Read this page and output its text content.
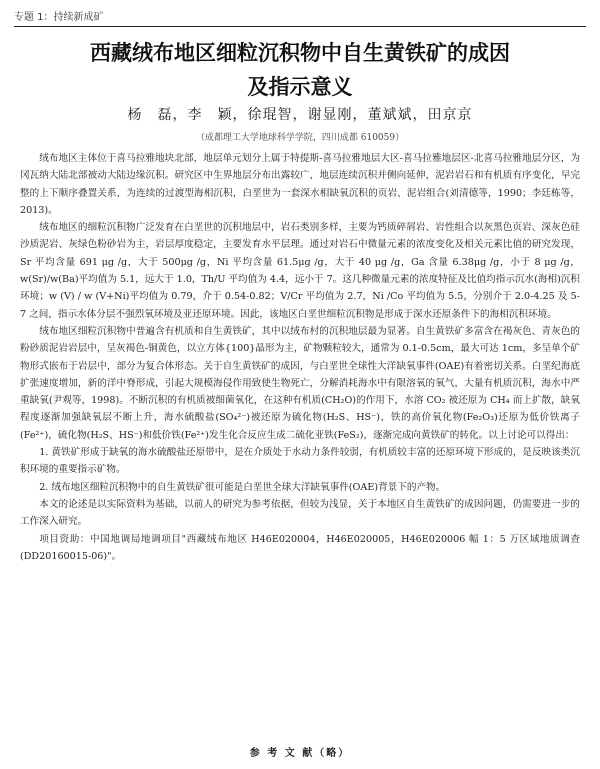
专题 1：持续新成矿
西藏绒布地区细粒沉积物中自生黄铁矿的成因
及指示意义
杨　磊，李　颖，徐琨智，谢显刚，董斌斌，田京京
（成都理工大学地球科学学院，四川成都 610059）

绒布地区主体位于喜马拉雅地块北部，地层单元划分上属于特提斯-喜马拉雅地层大区-喜马拉雅地层区-北喜马拉雅地层分区，为冈瓦纳大陆北部被动大陆边缘沉积。研究区中生界地层分布出露较广，地层连续沉积并侧向延伸，泥岩岩石和有机质有序变化，早完整的上下顺序叠置关系，为连续的过渡型海相沉积，白垩世为一套深水相缺氧沉积的页岩、泥岩组合(刘清德等，1990；李廷栋等，2013)。

绒布地区的细粒沉积物广泛发育在白垩世的沉积地层中，岩石类别多样，主要为钙质碎屑岩、岩性组合以灰黑色页岩、深灰色硅沙质泥岩、灰绿色粉砂岩为主，岩层厚度稳定，主要发育水平层理。通过对岩石中微量元素的浓度变化及相关元素比值的研究发现，Sr 平均含量 691 μg /g，大于 500μg /g，Ni 平均含量 61.5μg /g，大于 40 μg /g，Ga 含量 6.38μg /g，小于 8 μg /g，w(Sr)/w(Ba)平均值为 5.1，远大于 1.0，Th/U 平均值为 4.4，远小于 7。这几种微量元素的浓度特征及比值均指示沉水(海相)沉积环境；w (V) / w (V+Ni)平均值为 0.79，介于 0.54-0.82；V/Cr 平均值为 2.7，Ni /Co 平均值为 5.5，分别介于 2.0-4.25 及 5-7 之间，指示水体分层不强烈氧环境及亚还原环境。因此，该地区白垩世细粒沉积物是形成于深水还原条件下的海相沉积环境。

绒布地区细粒沉积物中普遍含有机质和自生黄铁矿，其中以绒布村的沉积地层最为显著。自生黄铁矿多富含在褐灰色、青灰色的粉砂质泥岩岩层中，呈灰褐色-铜黄色，以立方体{100}晶形为主，矿物颗粒较大，通常为 0.1-0.5cm，最大可达 1cm，多呈单个矿物形式嵌布于岩层中，部分为复合体形态。关于自生黄铁矿的成因，与白垩世全球性大洋缺氧事件(OAE)有着密切关系。白垩纪海底扩张速度增加，新的洋中脊形成，引起大规模海侵作用致使生物死亡，分解消耗海水中有限溶氧的氧气，大量有机质沉积，海水中严重缺氧(尹观等，1998)。不断沉积的有机质被细菌氧化，在这种有机质(CH₂O)的作用下，水溶 CO₂ 被还原为 CH₄ 而上扩散，缺氧程度逐渐加强缺氧层不断上升，海水硫酸盐(SO₄²⁻)被还原为硫化物(H₂S、HS⁻)，铁的高价氧化物(Fe₂O₃)还原为低价铁离子(Fe²⁺)，硫化物(H₂S、HS⁻)和低价铁(Fe²⁺)发生化合反应生成二硫化亚铁(FeS₂)，逐渐完成向黄铁矿的转化。以上讨论可以得出：

1. 黄铁矿形成于缺氧的海水硫酸盐还原带中，是在介质处于水动力条件较弱，有机质较丰富的还原环境下形成的，是反映该类沉积环境的重要指示矿物。

2. 绒布地区细粒沉积物中的自生黄铁矿很可能是白垩世全球大洋缺氧事件(OAE)背景下的产物。

本文的论述是以实际资料为基础，以前人的研究为参考依据，但较为浅显，关于本地区自生黄铁矿的成因问题，仍需要进一步的工作深入研究。

项目资助：中国地调局地调项目"西藏绒布地区 H46E020004，H46E020005，H46E020006 幅 1：5 万区域地质调查(DD20160015-06)"。

参 考 文 献（略）
